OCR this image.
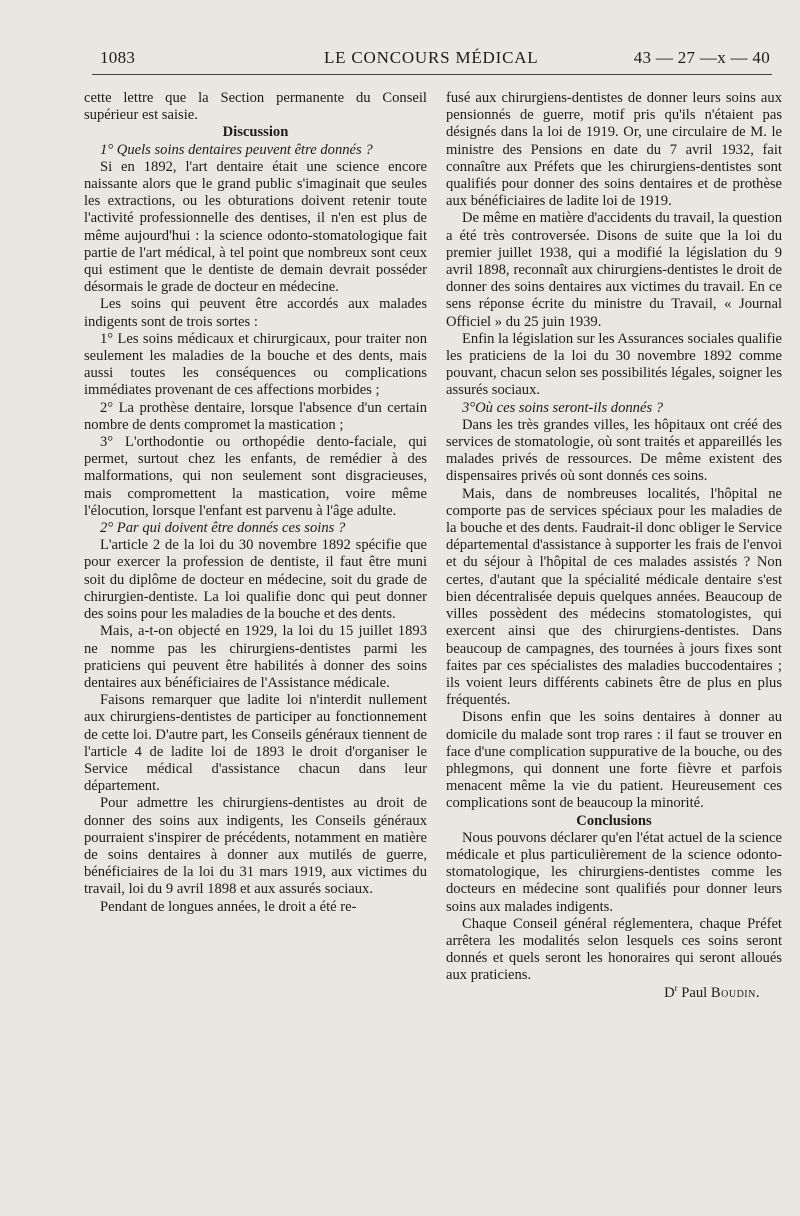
1083	LE CONCOURS MÉDICAL	43 — 27 —x — 40

cette lettre que la Section permanente du Conseil supérieur est saisie.

Discussion

1° Quels soins dentaires peuvent être donnés ?

Si en 1892, l'art dentaire était une science encore naissante alors que le grand public s'imaginait que seules les extractions, ou les obturations doivent retenir toute l'activité professionnelle des dentises, il n'en est plus de même aujourd'hui : la science odonto-stomatologique fait partie de l'art médical, à tel point que nombreux sont ceux qui estiment que le dentiste de demain devrait posséder désormais le grade de docteur en médecine.

Les soins qui peuvent être accordés aux malades indigents sont de trois sortes :

1° Les soins médicaux et chirurgicaux, pour traiter non seulement les maladies de la bouche et des dents, mais aussi toutes les conséquences ou complications immédiates provenant de ces affections morbides ;

2° La prothèse dentaire, lorsque l'absence d'un certain nombre de dents compromet la mastication ;

3° L'orthodontie ou orthopédie dento-faciale, qui permet, surtout chez les enfants, de remédier à des malformations, qui non seulement sont disgracieuses, mais compromettent la mastication, voire même l'élocution, lorsque l'enfant est parvenu à l'âge adulte.

2° Par qui doivent être donnés ces soins ?

L'article 2 de la loi du 30 novembre 1892 spécifie que pour exercer la profession de dentiste, il faut être muni soit du diplôme de docteur en médecine, soit du grade de chirurgien-dentiste. La loi qualifie donc qui peut donner des soins pour les maladies de la bouche et des dents.

Mais, a-t-on objecté en 1929, la loi du 15 juillet 1893 ne nomme pas les chirurgiens-dentistes parmi les praticiens qui peuvent être habilités à donner des soins dentaires aux bénéficiaires de l'Assistance médicale.

Faisons remarquer que ladite loi n'interdit nullement aux chirurgiens-dentistes de participer au fonctionnement de cette loi. D'autre part, les Conseils généraux tiennent de l'article 4 de ladite loi de 1893 le droit d'organiser le Service médical d'assistance chacun dans leur département.

Pour admettre les chirurgiens-dentistes au droit de donner des soins aux indigents, les Conseils généraux pourraient s'inspirer de précédents, notamment en matière de soins dentaires à donner aux mutilés de guerre, bénéficiaires de la loi du 31 mars 1919, aux victimes du travail, loi du 9 avril 1898 et aux assurés sociaux.

Pendant de longues années, le droit a été re-

fusé aux chirurgiens-dentistes de donner leurs soins aux pensionnés de guerre, motif pris qu'ils n'étaient pas désignés dans la loi de 1919. Or, une circulaire de M. le ministre des Pensions en date du 7 avril 1932, fait connaître aux Préfets que les chirurgiens-dentistes sont qualifiés pour donner des soins dentaires et de prothèse aux bénéficiaires de ladite loi de 1919.

De même en matière d'accidents du travail, la question a été très controversée. Disons de suite que la loi du premier juillet 1938, qui a modifié la législation du 9 avril 1898, reconnaît aux chirurgiens-dentistes le droit de donner des soins dentaires aux victimes du travail. En ce sens réponse écrite du ministre du Travail, « Journal Officiel » du 25 juin 1939.

Enfin la législation sur les Assurances sociales qualifie les praticiens de la loi du 30 novembre 1892 comme pouvant, chacun selon ses possibilités légales, soigner les assurés sociaux.

3°Où ces soins seront-ils donnés ?

Dans les très grandes villes, les hôpitaux ont créé des services de stomatologie, où sont traités et appareillés les malades privés de ressources. De même existent des dispensaires privés où sont donnés ces soins.

Mais, dans de nombreuses localités, l'hôpital ne comporte pas de services spéciaux pour les maladies de la bouche et des dents. Faudrait-il donc obliger le Service départemental d'assistance à supporter les frais de l'envoi et du séjour à l'hôpital de ces malades assistés ? Non certes, d'autant que la spécialité médicale dentaire s'est bien décentralisée depuis quelques années. Beaucoup de villes possèdent des médecins stomatologistes, qui exercent ainsi que des chirurgiens-dentistes. Dans beaucoup de campagnes, des tournées à jours fixes sont faites par ces spécialistes des maladies buccodentaires ; ils voient leurs différents cabinets être de plus en plus fréquentés.

Disons enfin que les soins dentaires à donner au domicile du malade sont trop rares : il faut se trouver en face d'une complication suppurative de la bouche, ou des phlegmons, qui donnent une forte fièvre et parfois menacent même la vie du patient. Heureusement ces complications sont de beaucoup la minorité.

Conclusions

Nous pouvons déclarer qu'en l'état actuel de la science médicale et plus particulièrement de la science odonto-stomatologique, les chirurgiens-dentistes comme les docteurs en médecine sont qualifiés pour donner leurs soins aux malades indigents.

Chaque Conseil général réglementera, chaque Préfet arrêtera les modalités selon lesquels ces soins seront donnés et quels seront les honoraires qui seront alloués aux praticiens.

$D^r$ Paul Boudin.
